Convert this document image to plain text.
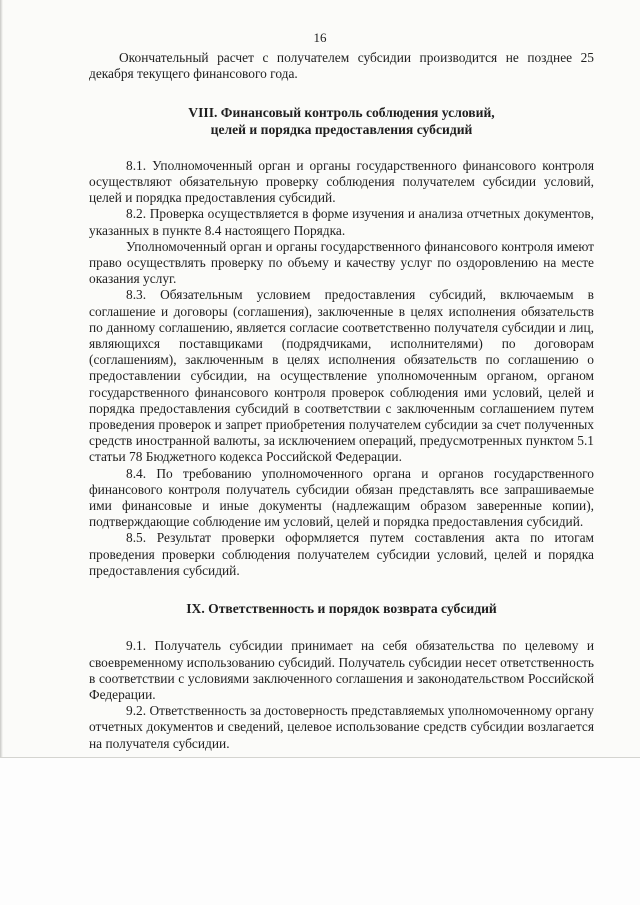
16

Окончательный расчет с получателем субсидии производится не позднее 25 декабря текущего финансового года.

VIII. Финансовый контроль соблюдения условий,
целей и порядка предоставления субсидий

8.1. Уполномоченный орган и органы государственного финансового контроля осуществляют обязательную проверку соблюдения получателем субсидии условий, целей и порядка предоставления субсидий.

8.2. Проверка осуществляется в форме изучения и анализа отчетных документов, указанных в пункте 8.4 настоящего Порядка.

Уполномоченный орган и органы государственного финансового контроля имеют право осуществлять проверку по объему и качеству услуг по оздоровлению на месте оказания услуг.

8.3. Обязательным условием предоставления субсидий, включаемым в соглашение и договоры (соглашения), заключенные в целях исполнения обязательств по данному соглашению, является согласие соответственно получателя субсидии и лиц, являющихся поставщиками (подрядчиками, исполнителями) по договорам (соглашениям), заключенным в целях исполнения обязательств по соглашению о предоставлении субсидии, на осуществление уполномоченным органом, органом государственного финансового контроля проверок соблюдения ими условий, целей и порядка предоставления субсидий в соответствии с заключенным соглашением путем проведения проверок и запрет приобретения получателем субсидии за счет полученных средств иностранной валюты, за исключением операций, предусмотренных пунктом 5.1 статьи 78 Бюджетного кодекса Российской Федерации.

8.4. По требованию уполномоченного органа и органов государственного финансового контроля получатель субсидии обязан представлять все запрашиваемые ими финансовые и иные документы (надлежащим образом заверенные копии), подтверждающие соблюдение им условий, целей и порядка предоставления субсидий.

8.5. Результат проверки оформляется путем составления акта по итогам проведения проверки соблюдения получателем субсидии условий, целей и порядка предоставления субсидий.

IX. Ответственность и порядок возврата субсидий

9.1. Получатель субсидии принимает на себя обязательства по целевому и своевременному использованию субсидий. Получатель субсидии несет ответственность в соответствии с условиями заключенного соглашения и законодательством Российской Федерации.

9.2. Ответственность за достоверность представляемых уполномоченному органу отчетных документов и сведений, целевое использование средств субсидии возлагается на получателя субсидии.
